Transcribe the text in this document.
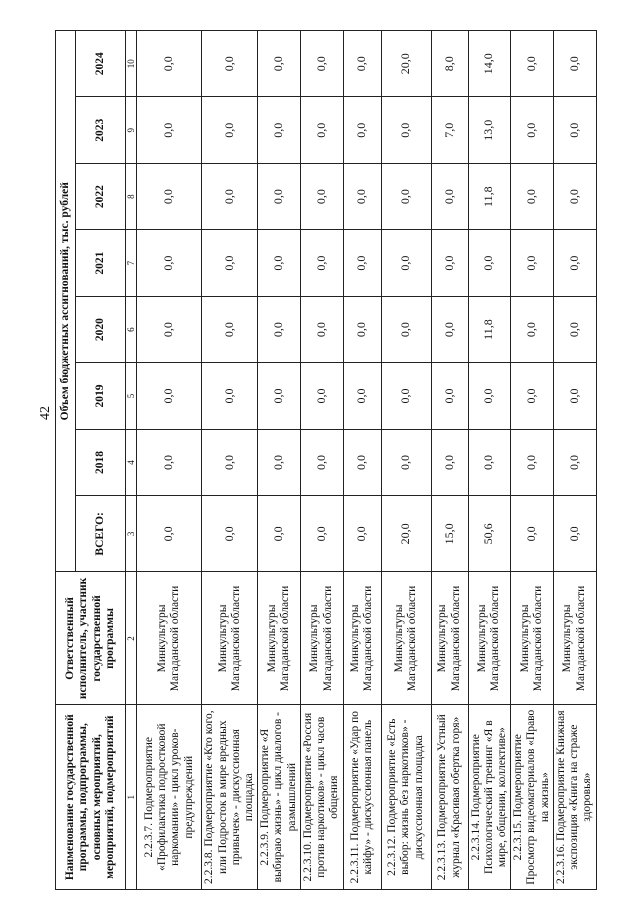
42
Наименование государственной программы, подпрограммы, основных мероприятий, мероприятий, подмероприятий	Ответственный исполнитель, участник государственной программы	Объем бюджетных ассигнований, тыс. рублей							
		ВСЕГО:	2018	2019	2020	2021	2022	2023	2024
1	2	3	4	5	6	7	8	9	10
2.2.3.7. Подмероприятие «Профилактика подростковой наркомании» - цикл уроков-предупреждений	Минкультуры Магаданской области	0,0	0,0	0,0	0,0	0,0	0,0	0,0	0,0
2.2.3.8. Подмероприятие «Кто кого, или Подросток в мире вредных привычек» - дискуссионная площадка	Минкультуры Магаданской области	0,0	0,0	0,0	0,0	0,0	0,0	0,0	0,0
2.2.3.9. Подмероприятие «Я выбираю жизнь» - цикл диалогов - размышлений	Минкультуры Магаданской области	0,0	0,0	0,0	0,0	0,0	0,0	0,0	0,0
2.2.3.10. Подмероприятие «Россия против наркотиков» - цикл часов общения	Минкультуры Магаданской области	0,0	0,0	0,0	0,0	0,0	0,0	0,0	0,0
2.2.3.11. Подмероприятие «Удар по кайфу» - дискуссионная панель	Минкультуры Магаданской области	0,0	0,0	0,0	0,0	0,0	0,0	0,0	0,0
2.2.3.12. Подмероприятие «Есть выбор: жизнь без наркотиков» - дискуссионная площадка	Минкультуры Магаданской области	20,0	0,0	0,0	0,0	0,0	0,0	0,0	20,0
2.2.3.13. Подмероприятие Устный журнал «Красивая обертка горя»	Минкультуры Магаданской области	15,0	0,0	0,0	0,0	0,0	0,0	7,0	8,0
2.2.3.14. Подмероприятие Психологический тренинг «Я в мире, общении, коллективе»	Минкультуры Магаданской области	50,6	0,0	0,0	11,8	0,0	11,8	13,0	14,0
2.2.3.15. Подмероприятие Просмотр видеоматериалов «Право на жизнь»	Минкультуры Магаданской области	0,0	0,0	0,0	0,0	0,0	0,0	0,0	0,0
2.2.3.16. Подмероприятие Книжная экспозиция «Книга на страже здоровья»	Минкультуры Магаданской области	0,0	0,0	0,0	0,0	0,0	0,0	0,0	0,0
